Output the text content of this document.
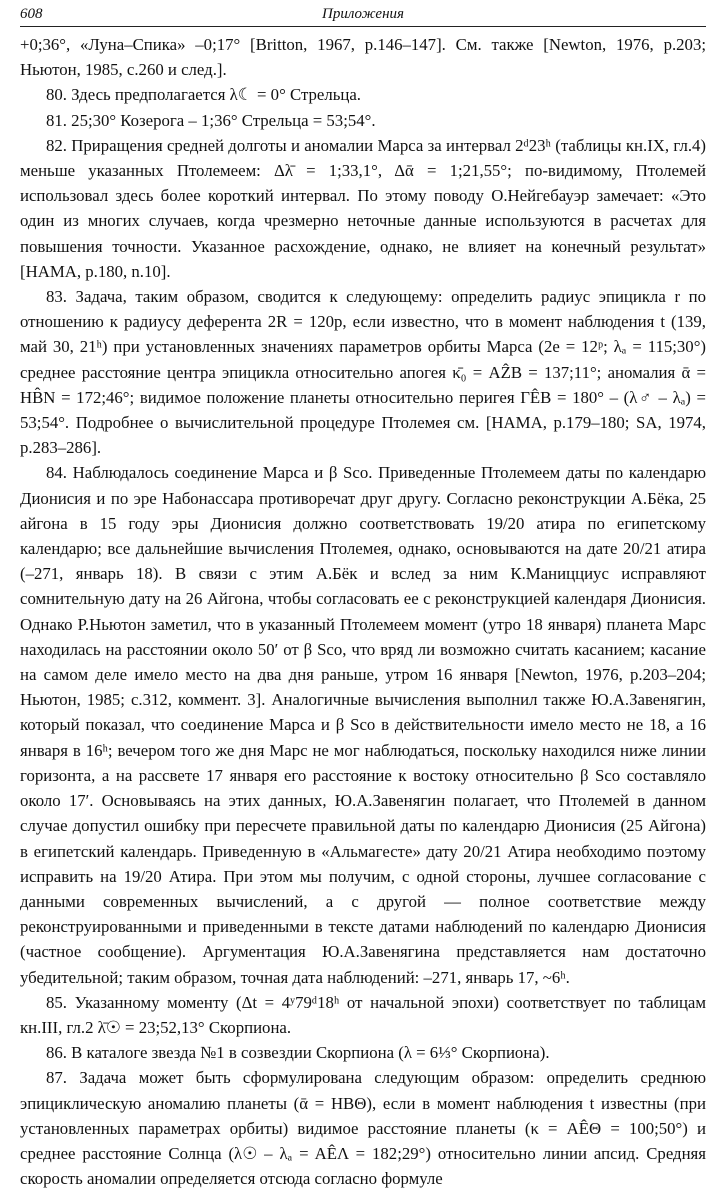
608	Приложения

+0;36°, «Луна–Спика» –0;17° [Britton, 1967, p.146–147]. См. также [Newton, 1976, p.203; Ньютон, 1985, с.260 и след.].

80. Здесь предполагается λ☾ = 0° Стрельца.

81. 25;30° Козерога – 1;36° Стрельца = 53;54°.

82. Приращения средней долготы и аномалии Марса за интервал 2ᵈ23ʰ (таблицы кн.IX, гл.4) меньше указанных Птолемеем: Δλ̄ = 1;33,1°, Δᾱ = 1;21,55°; по-видимому, Птолемей использовал здесь более короткий интервал. По этому поводу О.Нейгебауэр замечает: «Это один из многих случаев, когда чрезмерно неточные данные используются в расчетах для повышения точности. Указанное расхождение, однако, не влияет на конечный результат» [HAMA, p.180, n.10].

83. Задача, таким образом, сводится к следующему: определить радиус эпицикла r по отношению к радиусу деферента 2R = 120p, если известно, что в момент наблюдения t (139, май 30, 21ʰ) при установленных значениях параметров орбиты Марса (2e = 12ᵖ; λₐ = 115;30°) среднее расстояние центра эпицикла относительно апогея κ̄₀ = AẐB = 137;11°; аномалия ᾱ = HB̂N = 172;46°; видимое положение планеты относительно перигея ΓÊB = 180° – (λ♂ – λₐ) = 53;54°. Подробнее о вычислительной процедуре Птолемея см. [HAMA, p.179–180; SA, 1974, p.283–286].

84. Наблюдалось соединение Марса и β Sco. Приведенные Птолемеем даты по календарю Дионисия и по эре Набонассара противоречат друг другу. Согласно реконструкции А.Бёка, 25 айгона в 15 году эры Дионисия должно соответствовать 19/20 атира по египетскому календарю; все дальнейшие вычисления Птолемея, однако, основываются на дате 20/21 атира (–271, январь 18). В связи с этим А.Бёк и вслед за ним К.Маницциус исправляют сомнительную дату на 26 Айгона, чтобы согласовать ее с реконструкцией календаря Дионисия. Однако Р.Ньютон заметил, что в указанный Птолемеем момент (утро 18 января) планета Марс находилась на расстоянии около 50′ от β Sco, что вряд ли возможно считать касанием; касание на самом деле имело место на два дня раньше, утром 16 января [Newton, 1976, p.203–204; Ньютон, 1985; с.312, коммент. 3]. Аналогичные вычисления выполнил также Ю.А.Завенягин, который показал, что соединение Марса и β Sco в действительности имело место не 18, а 16 января в 16ʰ; вечером того же дня Марс не мог наблюдаться, поскольку находился ниже линии горизонта, а на рассвете 17 января его расстояние к востоку относительно β Sco составляло около 17′. Основываясь на этих данных, Ю.А.Завенягин полагает, что Птолемей в данном случае допустил ошибку при пересчете правильной даты по календарю Дионисия (25 Айгона) в египетский календарь. Приведенную в «Альмагесте» дату 20/21 Атира необходимо поэтому исправить на 19/20 Атира. При этом мы получим, с одной стороны, лучшее согласование с данными современных вычислений, а с другой — полное соответствие между реконструированными и приведенными в тексте датами наблюдений по календарю Дионисия (частное сообщение). Аргументация Ю.А.Завенягина представляется нам достаточно убедительной; таким образом, точная дата наблюдений: –271, январь 17, ~6ʰ.

85. Указанному моменту (Δt = 4ʸ79ᵈ18ʰ от начальной эпохи) соответствует по таблицам кн.III, гл.2 λ̄☉ = 23;52,13° Скорпиона.

86. В каталоге звезда №1 в созвездии Скорпиона (λ = 6⅓° Скорпиона).

87. Задача может быть сформулирована следующим образом: определить среднюю эпициклическую аномалию планеты (ᾱ = HBΘ), если в момент наблюдения t известны (при установленных параметрах орбиты) видимое расстояние планеты (κ = AÊΘ = 100;50°) и среднее расстояние Солнца (λ☉ – λₐ = AÊΛ = 182;29°) относительно линии апсид. Средняя скорость аномалии определяется отсюда согласно формуле
